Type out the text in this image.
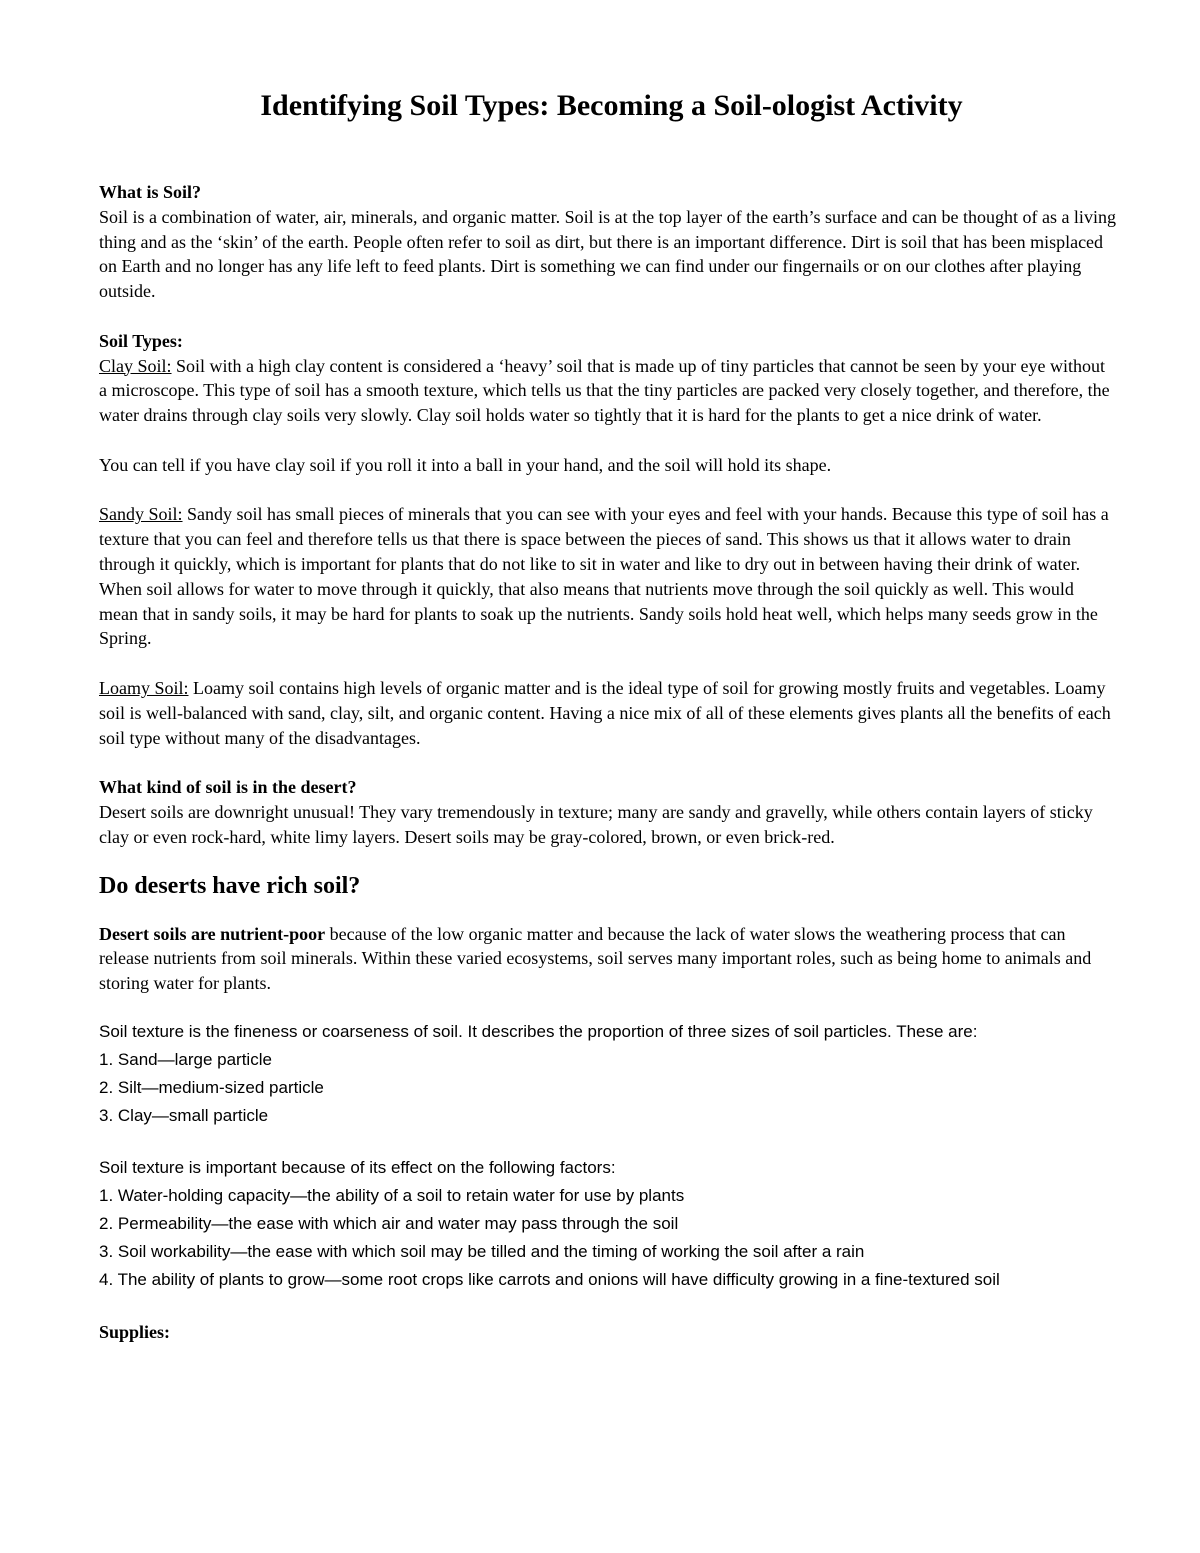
Identifying Soil Types: Becoming a Soil-ologist Activity

What is Soil?

Soil is a combination of water, air, minerals, and organic matter. Soil is at the top layer of the earth’s surface and can be thought of as a living thing and as the ‘skin’ of the earth. People often refer to soil as dirt, but there is an important difference. Dirt is soil that has been misplaced on Earth and no longer has any life left to feed plants. Dirt is something we can find under our fingernails or on our clothes after playing outside.

Soil Types:

Clay Soil: Soil with a high clay content is considered a ‘heavy’ soil that is made up of tiny particles that cannot be seen by your eye without a microscope. This type of soil has a smooth texture, which tells us that the tiny particles are packed very closely together, and therefore, the water drains through clay soils very slowly. Clay soil holds water so tightly that it is hard for the plants to get a nice drink of water.

You can tell if you have clay soil if you roll it into a ball in your hand, and the soil will hold its shape.

Sandy Soil: Sandy soil has small pieces of minerals that you can see with your eyes and feel with your hands. Because this type of soil has a texture that you can feel and therefore tells us that there is space between the pieces of sand. This shows us that it allows water to drain through it quickly, which is important for plants that do not like to sit in water and like to dry out in between having their drink of water. When soil allows for water to move through it quickly, that also means that nutrients move through the soil quickly as well. This would mean that in sandy soils, it may be hard for plants to soak up the nutrients. Sandy soils hold heat well, which helps many seeds grow in the Spring.

Loamy Soil: Loamy soil contains high levels of organic matter and is the ideal type of soil for growing mostly fruits and vegetables. Loamy soil is well-balanced with sand, clay, silt, and organic content. Having a nice mix of all of these elements gives plants all the benefits of each soil type without many of the disadvantages.

What kind of soil is in the desert?

Desert soils are downright unusual! They vary tremendously in texture; many are sandy and gravelly, while others contain layers of sticky clay or even rock-hard, white limy layers. Desert soils may be gray-colored, brown, or even brick-red.

Do deserts have rich soil?

Desert soils are nutrient-poor because of the low organic matter and because the lack of water slows the weathering process that can release nutrients from soil minerals. Within these varied ecosystems, soil serves many important roles, such as being home to animals and storing water for plants.

Soil texture is the fineness or coarseness of soil. It describes the proportion of three sizes of soil particles. These are:

1. Sand—large particle

2. Silt—medium-sized particle

3. Clay—small particle

Soil texture is important because of its effect on the following factors:

1. Water-holding capacity—the ability of a soil to retain water for use by plants

2. Permeability—the ease with which air and water may pass through the soil

3. Soil workability—the ease with which soil may be tilled and the timing of working the soil after a rain

4. The ability of plants to grow—some root crops like carrots and onions will have difficulty growing in a fine-textured soil

Supplies:
